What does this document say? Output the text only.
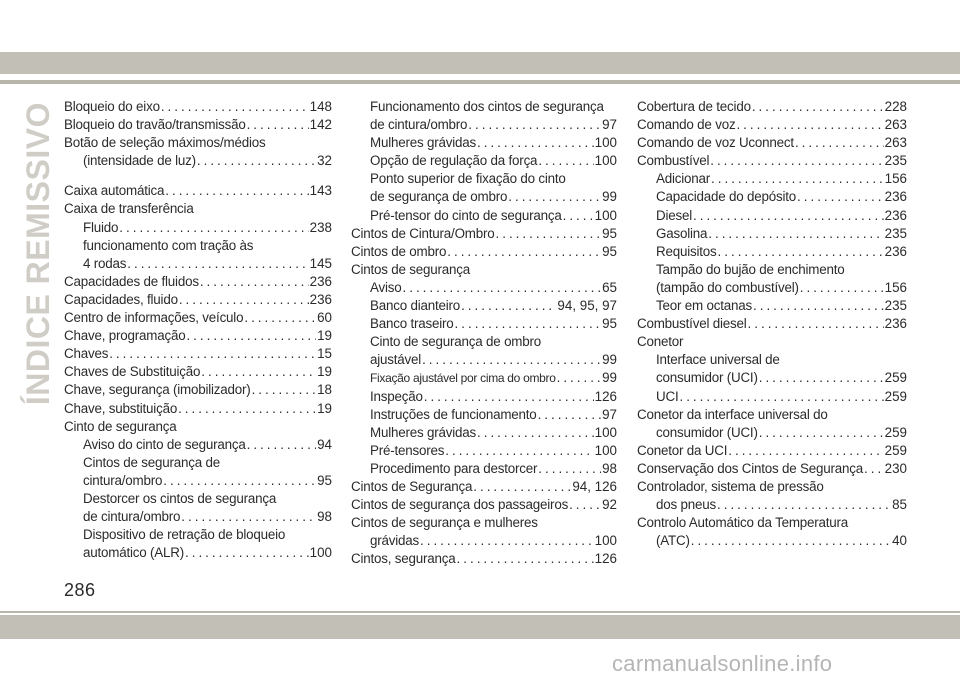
ÍNDICE REMISSIVO Bloqueio do eixo .....	148
Bloqueio do travão/transmissão .....	142
Botão de seleção máximos/médios
(intensidade de luz) .....	32
Caixa automática .....	143
Caixa de transferência
Fluido .....	238
funcionamento com tração às
4 rodas .....	145
Capacidades de fluidos .....	236
Capacidades, fluido .....	236
Centro de informações, veículo .....	60
Chave, programação .....	19
Chaves .....	15
Chaves de Substituição .....	19
Chave, segurança (imobilizador) .....	18
Chave, substituição .....	19
Cinto de segurança
Aviso do cinto de segurança .....	94
Cintos de segurança de
cintura/ombro .....	95
Destorcer os cintos de segurança
de cintura/ombro .....	98
Dispositivo de retração de bloqueio
automático (ALR) .....	100
Funcionamento dos cintos de segurança
de cintura/ombro .....	97
Mulheres grávidas .....	100
Opção de regulação da força .....	100
Ponto superior de fixação do cinto
de segurança de ombro .....	99
Pré-tensor do cinto de segurança ..... 100
Cintos de Cintura/Ombro .....	95
Cintos de ombro .....	95
Cintos de segurança
Aviso .....	65
Banco dianteiro .....	94, 95, 97
Banco traseiro .....	95
Cinto de segurança de ombro
ajustável .....	99
Fixação ajustável por cima do ombro .....	99
Inspeção .....	126
Instruções de funcionamento .....	97
Mulheres grávidas .....	100
Pré-tensores .....	100
Procedimento para destorcer .....	98
Cintos de Segurança .....	94, 126
Cintos de segurança dos passageiros .....	92
Cintos de segurança e mulheres
grávidas .....	100
Cintos, segurança .....	126
Cobertura de tecido .....	228
Comando de voz .....	263
Comando de voz Uconnect .....	263
Combustível .....	235
Adicionar .....	156
Capacidade do depósito .....	236
Diesel .....	236
Gasolina .....	235
Requisitos .....	236
Tampão do bujão de enchimento
(tampão do combustível) .....	156
Teor em octanas .....	235
Combustível diesel .....	236
Conetor
Interface universal de
consumidor (UCI) .....	259
UCI .....	259
Conetor da interface universal do
consumidor (UCI) .....	259
Conetor da UCI .....	259
Conservação dos Cintos de Segurança ..... 230
Controlador, sistema de pressão
dos pneus .....	85
Controlo Automático da Temperatura
(ATC) .....	40
286
carmanualsonline.info
